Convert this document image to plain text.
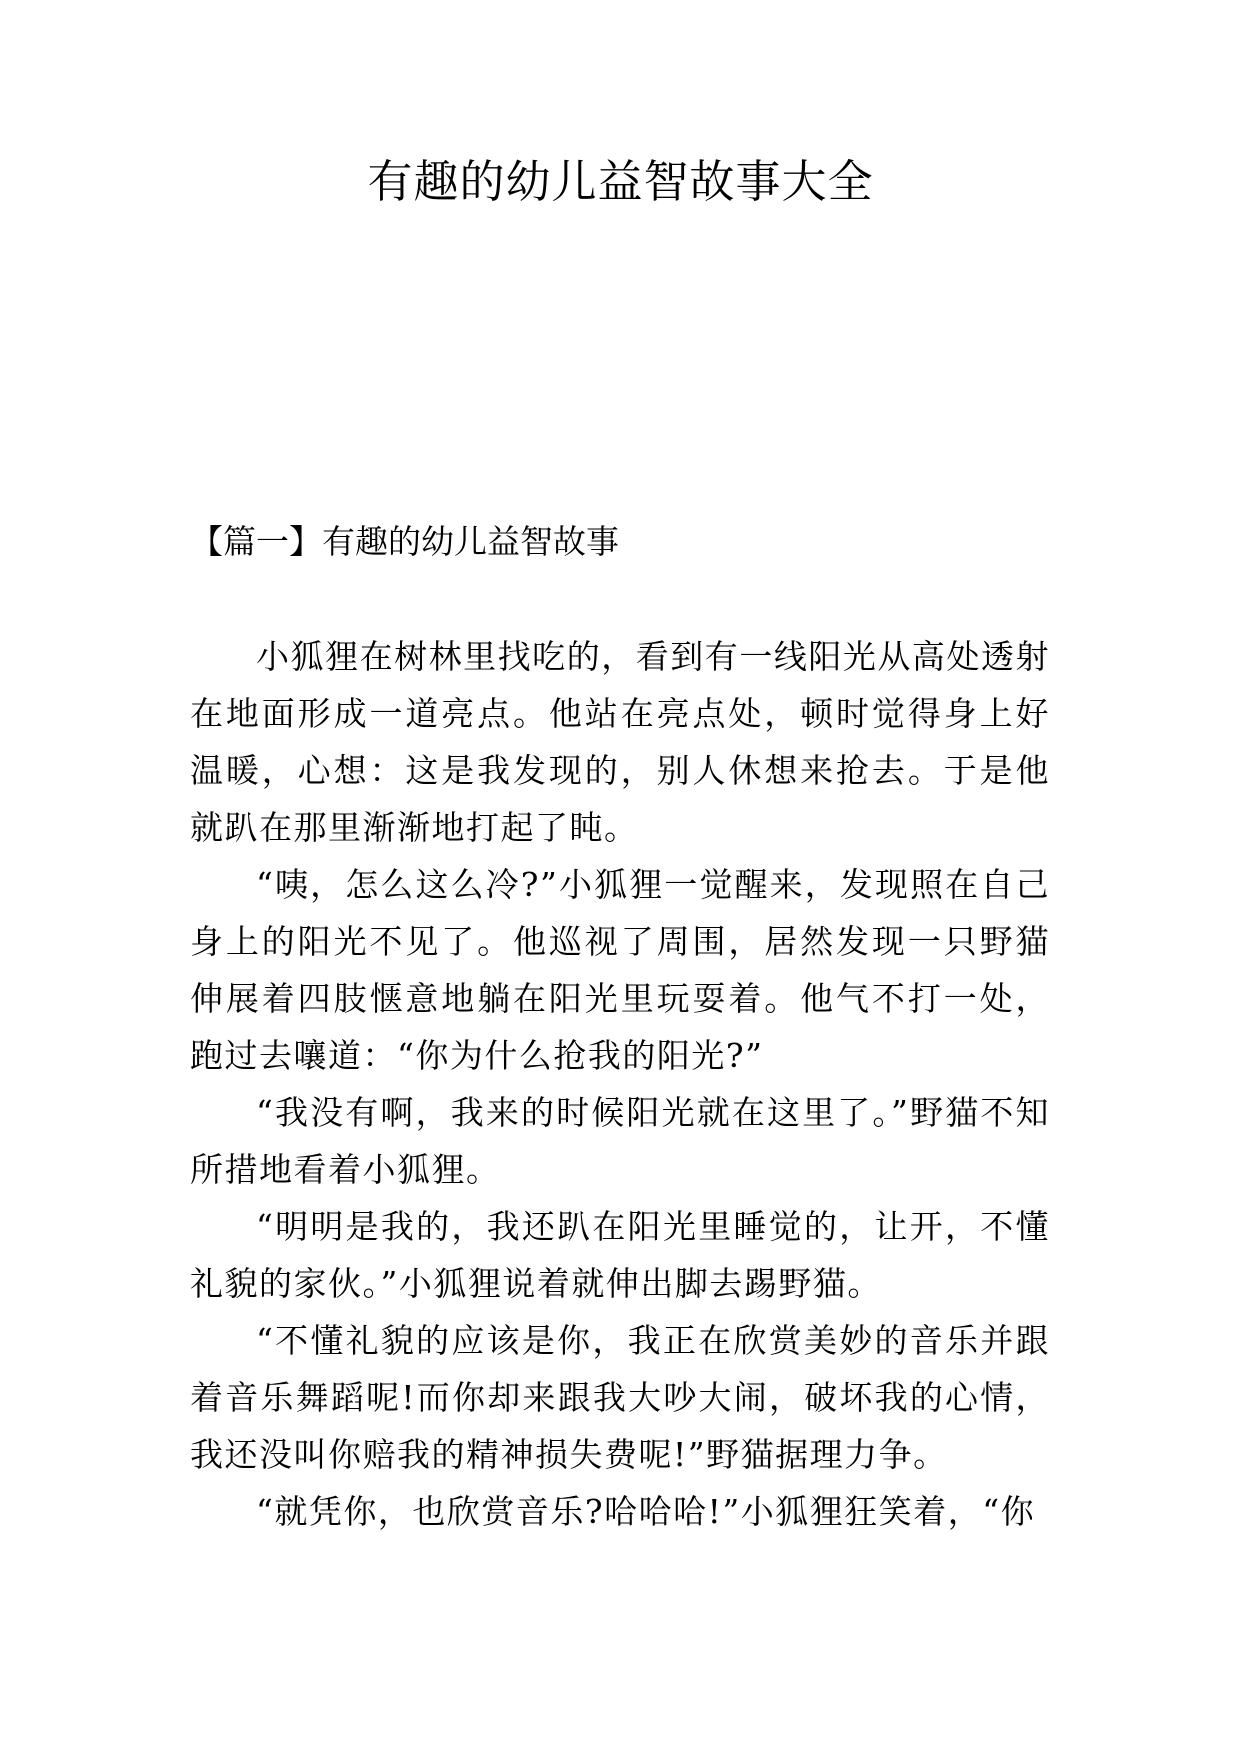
有趣的幼儿益智故事大全
【篇一】有趣的幼儿益智故事

小狐狸在树林里找吃的，看到有一线阳光从高处透射在地面形成一道亮点。他站在亮点处，顿时觉得身上好温暖，心想：这是我发现的，别人休想来抢去。于是他就趴在那里渐渐地打起了盹。

“咦，怎么这么冷?”小狐狸一觉醒来，发现照在自己身上的阳光不见了。他巡视了周围，居然发现一只野猫伸展着四肢惬意地躺在阳光里玩耍着。他气不打一处，跑过去嚷道：“你为什么抢我的阳光?”

“我没有啊，我来的时候阳光就在这里了。”野猫不知所措地看着小狐狸。

“明明是我的，我还趴在阳光里睡觉的，让开，不懂礼貌的家伙。”小狐狸说着就伸出脚去踢野猫。

“不懂礼貌的应该是你，我正在欣赏美妙的音乐并跟着音乐舞蹈呢!而你却来跟我大吵大闹，破坏我的心情，我还没叫你赔我的精神损失费呢!”野猫据理力争。

“就凭你，也欣赏音乐?哈哈哈!”小狐狸狂笑着，“你
